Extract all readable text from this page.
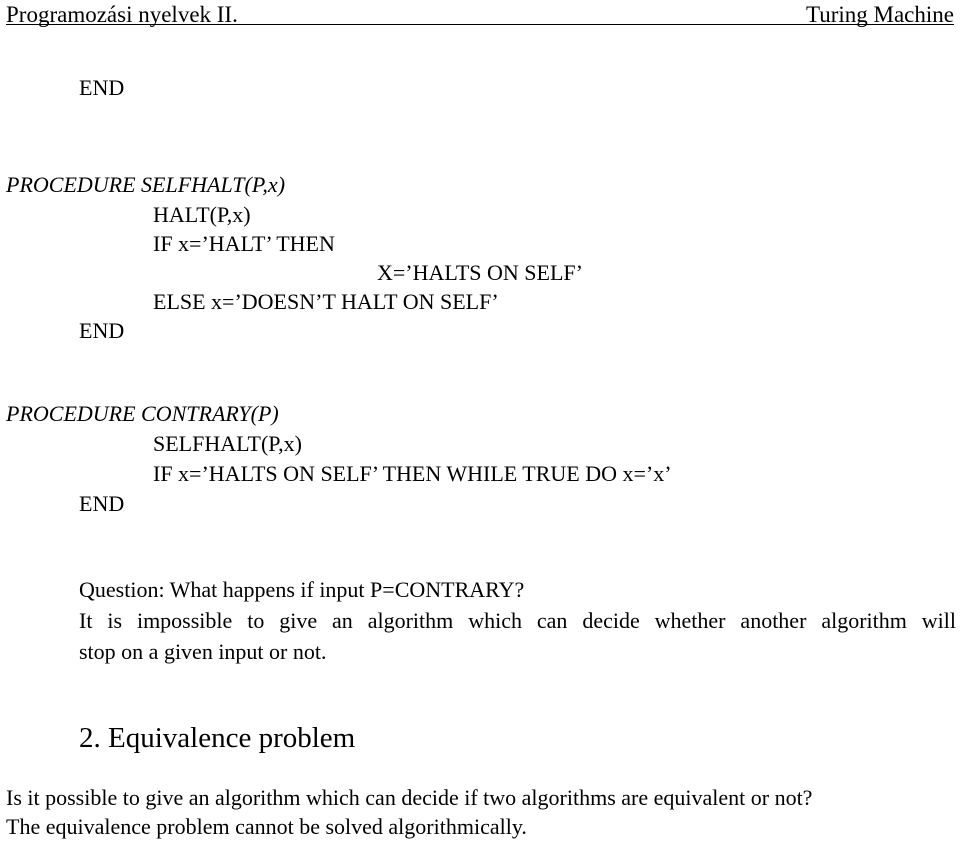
Programozási nyelvek II.	Turing Machine
END
PROCEDURE SELFHALT(P,x)
HALT(P,x)
IF x=’HALT’ THEN
X=’HALTS ON SELF’
ELSE x=’DOESN’T HALT ON SELF’
END
PROCEDURE CONTRARY(P)
SELFHALT(P,x)
IF x=’HALTS ON SELF’ THEN WHILE TRUE DO x=’x’
END
Question: What happens if input P=CONTRARY?
It is impossible to give an algorithm which can decide whether another algorithm will
stop on a given input or not.
2. Equivalence problem
Is it possible to give an algorithm which can decide if two algorithms are equivalent or not?
The equivalence problem cannot be solved algorithmically.
